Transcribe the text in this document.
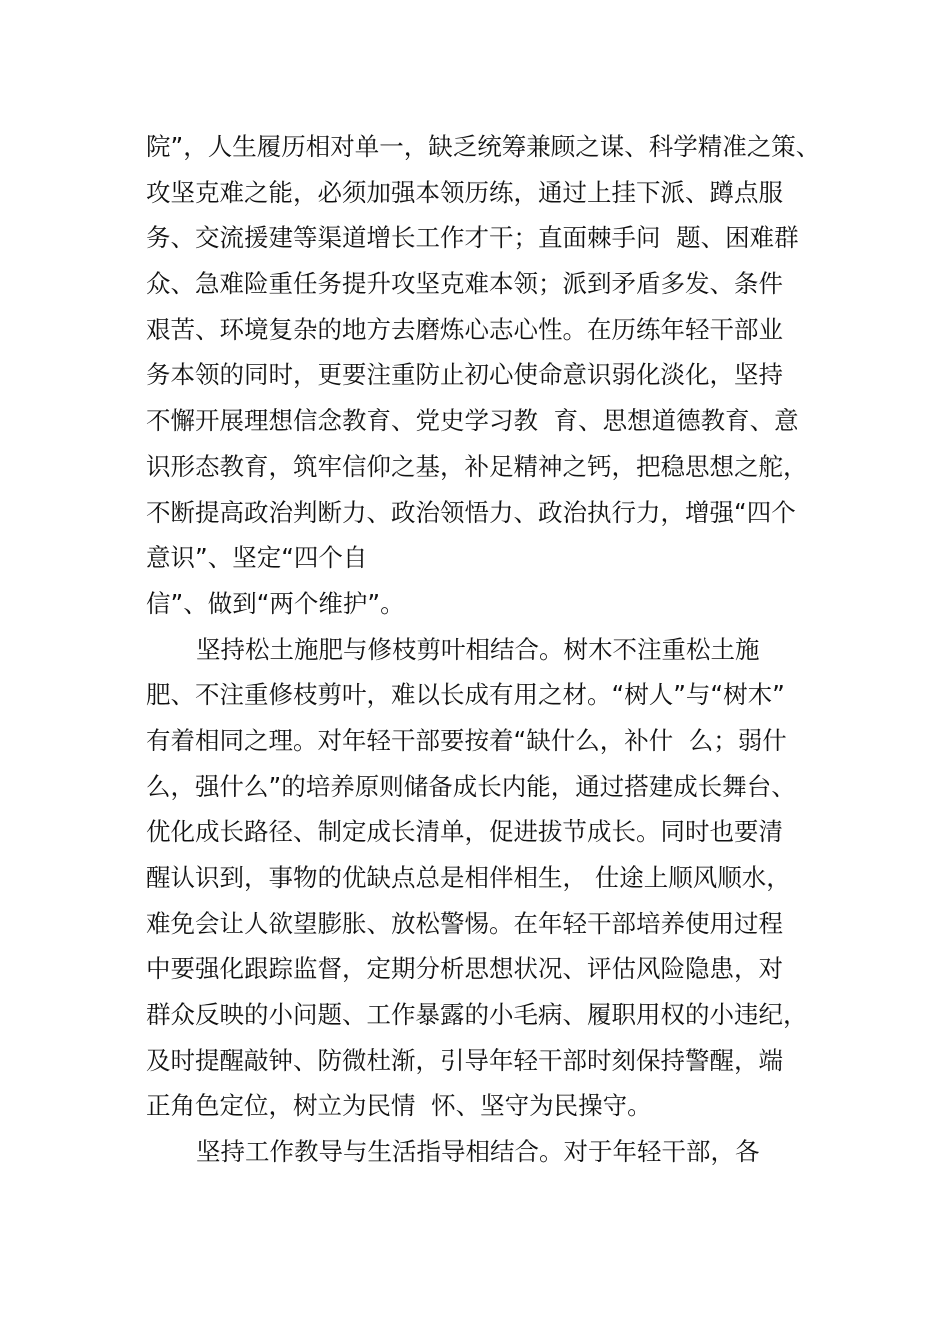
院”，人生履历相对单一，缺乏统筹兼顾之谋、科学精准之策、
攻坚克难之能，必须加强本领历练，通过上挂下派、蹲点服
务、交流援建等渠道增长工作才干；直面棘手问  题、困难群
众、急难险重任务提升攻坚克难本领；派到矛盾多发、条件
艰苦、环境复杂的地方去磨炼心志心性。在历练年轻干部业
务本领的同时，更要注重防止初心使命意识弱化淡化，坚持
不懈开展理想信念教育、党史学习教  育、思想道德教育、意
识形态教育，筑牢信仰之基，补足精神之钙，把稳思想之舵，
不断提高政治判断力、政治领悟力、政治执行力，增强“四个
意识”、坚定“四个自
信”、做到“两个维护”。
坚持松土施肥与修枝剪叶相结合。树木不注重松土施
肥、不注重修枝剪叶，难以长成有用之材。“树人”与“树木”
有着相同之理。对年轻干部要按着“缺什么，补什  么；弱什
么，强什么”的培养原则储备成长内能，通过搭建成长舞台、
优化成长路径、制定成长清单，促进拔节成长。同时也要清
醒认识到，事物的优缺点总是相伴相生， 仕途上顺风顺水，
难免会让人欲望膨胀、放松警惕。在年轻干部培养使用过程
中要强化跟踪监督，定期分析思想状况、评估风险隐患，对
群众反映的小问题、工作暴露的小毛病、履职用权的小违纪，
及时提醒敲钟、防微杜渐，引导年轻干部时刻保持警醒，端
正角色定位，树立为民情  怀、坚守为民操守。
坚持工作教导与生活指导相结合。对于年轻干部，各
